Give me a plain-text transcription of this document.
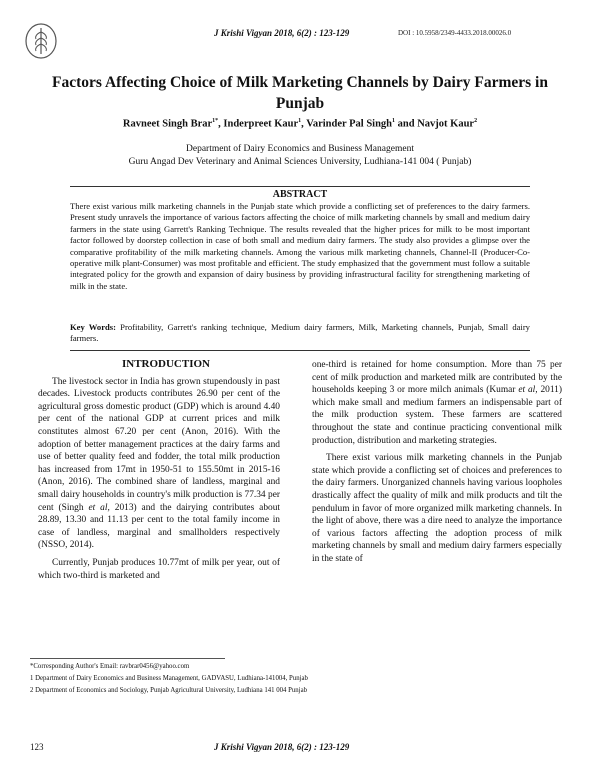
J Krishi Vigyan 2018, 6(2) : 123-129	DOI : 10.5958/2349-4433.2018.00026.0
Factors Affecting Choice of Milk Marketing Channels by Dairy Farmers in Punjab
Ravneet Singh Brar$^{1*}$, Inderpreet Kaur$^1$, Varinder Pal Singh$^1$ and Navjot Kaur$^2$
Department of Dairy Economics and Business Management
Guru Angad Dev Veterinary and Animal Sciences University, Ludhiana-141 004 ( Punjab)
ABSTRACT
There exist various milk marketing channels in the Punjab state which provide a conflicting set of preferences to the dairy farmers. Present study unravels the importance of various factors affecting the choice of milk marketing channels by small and medium dairy farmers in the state using Garrett's Ranking Technique. The results revealed that the higher prices for milk to be most important factor followed by doorstep collection in case of both small and medium dairy farmers. The study also provides a glimpse over the comparative profitability of the milk marketing channels. Among the various milk marketing channels, Channel-II (Producer-Co-operative milk plant-Consumer) was most profitable and efficient. The study emphasized that the government must follow a suitable integrated policy for the growth and expansion of dairy business by providing infrastructural facility for strengthening marketing of milk in the state.
Key Words: Profitability, Garrett's ranking technique, Medium dairy farmers, Milk, Marketing channels, Punjab, Small dairy farmers.

INTRODUCTION

The livestock sector in India has grown stupendously in past decades. Livestock products contributes 26.90 per cent of the agricultural gross domestic product (GDP) which is around 4.40 per cent of the national GDP at current prices and milk constitutes almost 67.20 per cent (Anon, 2016). With the adoption of better management practices at the dairy farms and use of better quality feed and fodder, the total milk production has increased from 17mt in 1950-51 to 155.50mt in 2015-16 (Anon, 2016). The combined share of landless, marginal and small dairy households in country's milk production is 77.34 per cent (Singh et al, 2013) and the dairying contributes about 28.89, 13.30 and 11.13 per cent to the total family income in case of landless, marginal and smallholders respectively (NSSO, 2014).

Currently, Punjab produces 10.77mt of milk per year, out of which two-third is marketed and

one-third is retained for home consumption. More than 75 per cent of milk production and marketed milk are contributed by the households keeping 3 or more milch animals (Kumar et al, 2011) which make small and medium farmers an indispensable part of the milk production system. These farmers are scattered throughout the state and continue practicing conventional milk production, distribution and marketing strategies.

There exist various milk marketing channels in the Punjab state which provide a conflicting set of choices and preferences to the dairy farmers. Unorganized channels having various loopholes drastically affect the quality of milk and milk products and tilt the pendulum in favor of more organized milk marketing channels. In the light of above, there was a dire need to analyze the importance of various factors affecting the adoption process of milk marketing channels by small and medium dairy farmers especially in the state of

*Corresponding Author's Email: ravbrar0456@yahoo.com
1 Department of Dairy Economics and Business Management, GADVASU, Ludhiana-141004, Punjab
2 Department of Economics and Sociology, Punjab Agricultural University, Ludhiana 141 004 Punjab
123	J Krishi Vigyan 2018, 6(2) : 123-129
